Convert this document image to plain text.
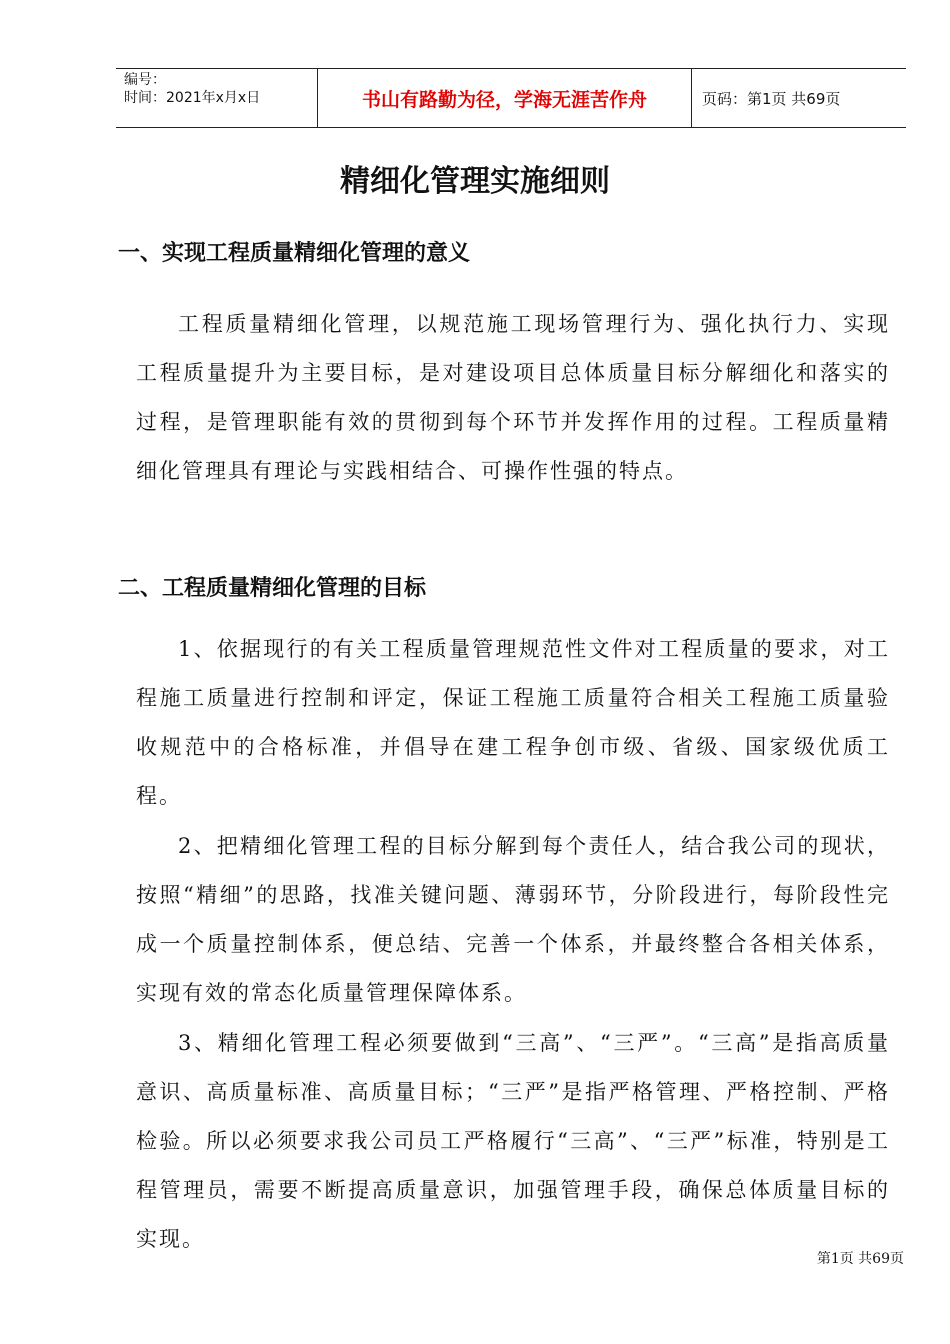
编号：
时间：2021年x月x日	书山有路勤为径，学海无涯苦作舟	页码：第1页 共69页
精细化管理实施细则
一、实现工程质量精细化管理的意义

工程质量精细化管理，以规范施工现场管理行为、强化执行力、实现工程质量提升为主要目标，是对建设项目总体质量目标分解细化和落实的过程，是管理职能有效的贯彻到每个环节并发挥作用的过程。工程质量精细化管理具有理论与实践相结合、可操作性强的特点。

二、工程质量精细化管理的目标

1、依据现行的有关工程质量管理规范性文件对工程质量的要求，对工程施工质量进行控制和评定，保证工程施工质量符合相关工程施工质量验收规范中的合格标准，并倡导在建工程争创市级、省级、国家级优质工程。

2、把精细化管理工程的目标分解到每个责任人，结合我公司的现状，按照“精细”的思路，找准关键问题、薄弱环节，分阶段进行，每阶段性完成一个质量控制体系，便总结、完善一个体系，并最终整合各相关体系，实现有效的常态化质量管理保障体系。

3、精细化管理工程必须要做到“三高”、“三严”。“三高”是指高质量意识、高质量标准、高质量目标；“三严”是指严格管理、严格控制、严格检验。所以必须要求我公司员工严格履行“三高”、“三严”标准，特别是工程管理员，需要不断提高质量意识，加强管理手段，确保总体质量目标的实现。

第1页 共69页
